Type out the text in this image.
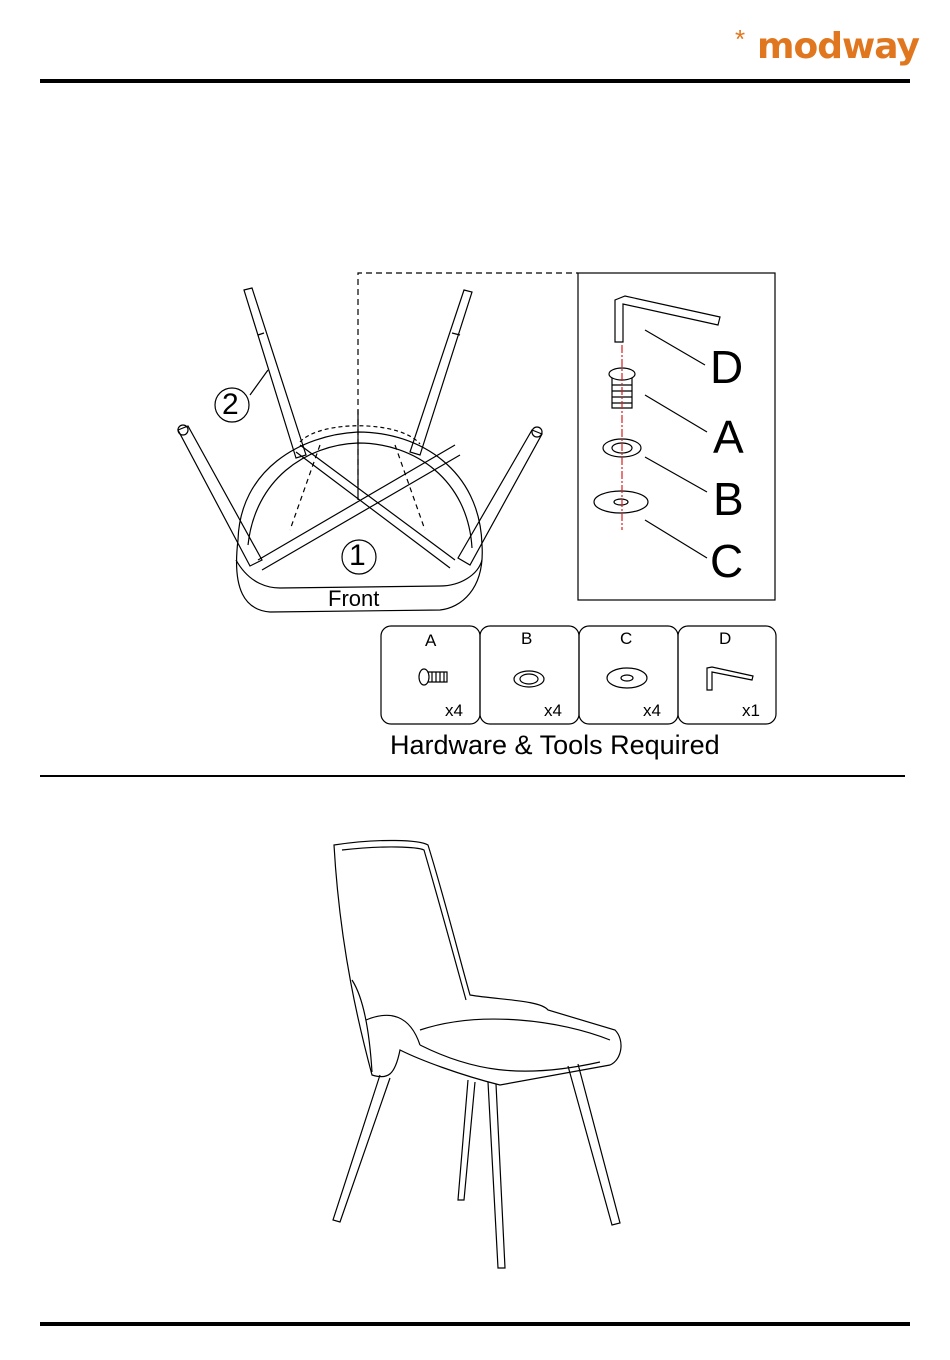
* modway
2
1
Front
D
A
B
C
A	B	C	D
x4	x4	x4	x1
Hardware & Tools Required
